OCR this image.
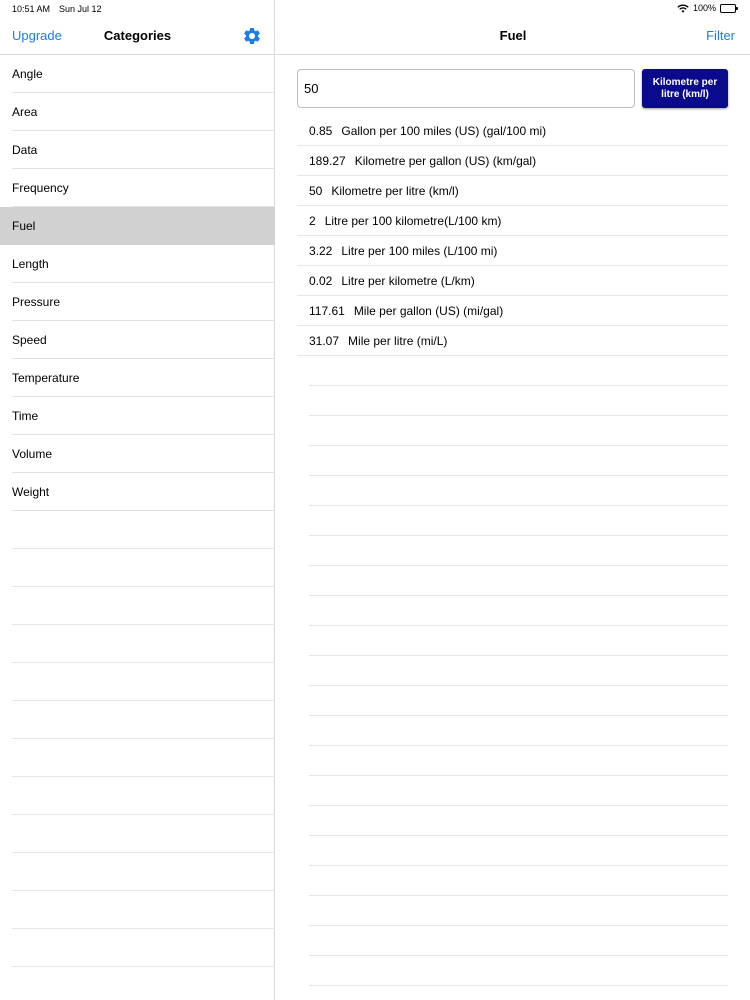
Upgrade	Categories
Angle
Area
Data
Frequency
Fuel
Length
Pressure
Speed
Temperature
Time
Volume
Weight
Fuel	Filter
50
Kilometre per litre (km/l)
0.85 Gallon per 100 miles (US) (gal/100 mi)
189.27 Kilometre per gallon (US) (km/gal)
50 Kilometre per litre (km/l)
2 Litre per 100 kilometre(L/100 km)
3.22 Litre per 100 miles (L/100 mi)
0.02 Litre per kilometre (L/km)
117.61 Mile per gallon (US) (mi/gal)
31.07 Mile per litre (mi/L)
10:51 AM Sun Jul 12	100%
